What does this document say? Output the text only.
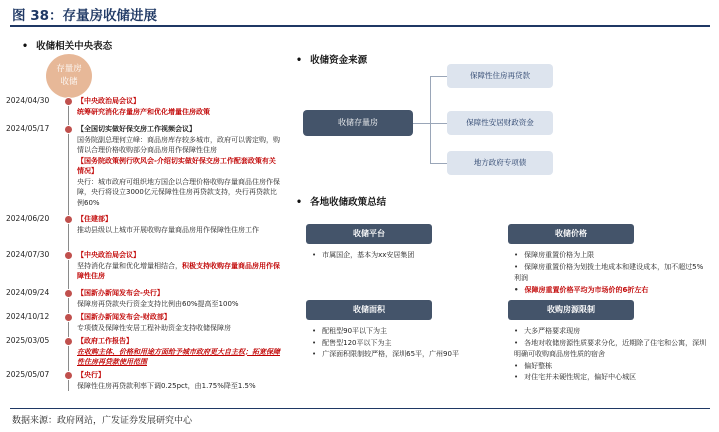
图 38：存量房收储进展
• 收储相关中央表态
存量房
收储
2024/04/30	【中央政治局会议】
统筹研究消化存量房产和优化增量住房政策
2024/05/17	【全国切实做好保交房工作视频会议】
国务院副总理何立峰：商品房库存较多城市，政府可以需定购，购情以合理价格收购部分商品房用作保障性住房
【国务院政策例行吹风会-介绍切实做好保交房工作配套政策有关情况】
央行：城市政府可组织地方国企以合理价格收购存量商品住房作保障，央行将设立3000亿元保障性住房再贷款支持，央行再贷款比例60%
2024/06/20	【住建部】
推动县级以上城市开展收购存量商品房用作保障性住房工作
2024/07/30	【中央政治局会议】
坚持消化存量和优化增量相结合，积极支持收购存量商品房用作保障性住房
2024/09/24	【国新办新闻发布会-央行】
保障房再贷款央行资金支持比例由60%提高至100%
2024/10/12	【国新办新闻发布会-财政部】
专项债及保障性安居工程补助资金支持收储保障房
2025/03/05	【政府工作报告】
在收购主体、价格和用途方面给予城市政府更大自主权；拓宽保障性住房再贷款使用范围
2025/05/07	【央行】
保障性住房再贷款利率下调0.25pct，由1.75%降至1.5%
• 收储资金来源
收储存量房
保障性住房再贷款
保障性安居财政资金
地方政府专项债
• 各地收储政策总结
收储平台
• 市属国企，基本为xx安居集团
收储价格
• 保障房重置价格为上限
• 保障房重置价格为划拨土地成本和建设成本，加不超过5%利润
• 保障房重置价格平均为市场价的6折左右
收储面积
• 配租型90平以下为主
• 配售型120平以下为主
• 广深面积限制较严格，深圳65平，广州90平
收购房源限制
• 大多严格要求现房
• 各地对收储房源性质要求分化，近期除了住宅和公寓，深圳明确可收购商品房性质的宿舍
• 偏好整栋
• 对住宅并未硬性规定，偏好中心城区
数据来源：政府网站，广发证券发展研究中心
